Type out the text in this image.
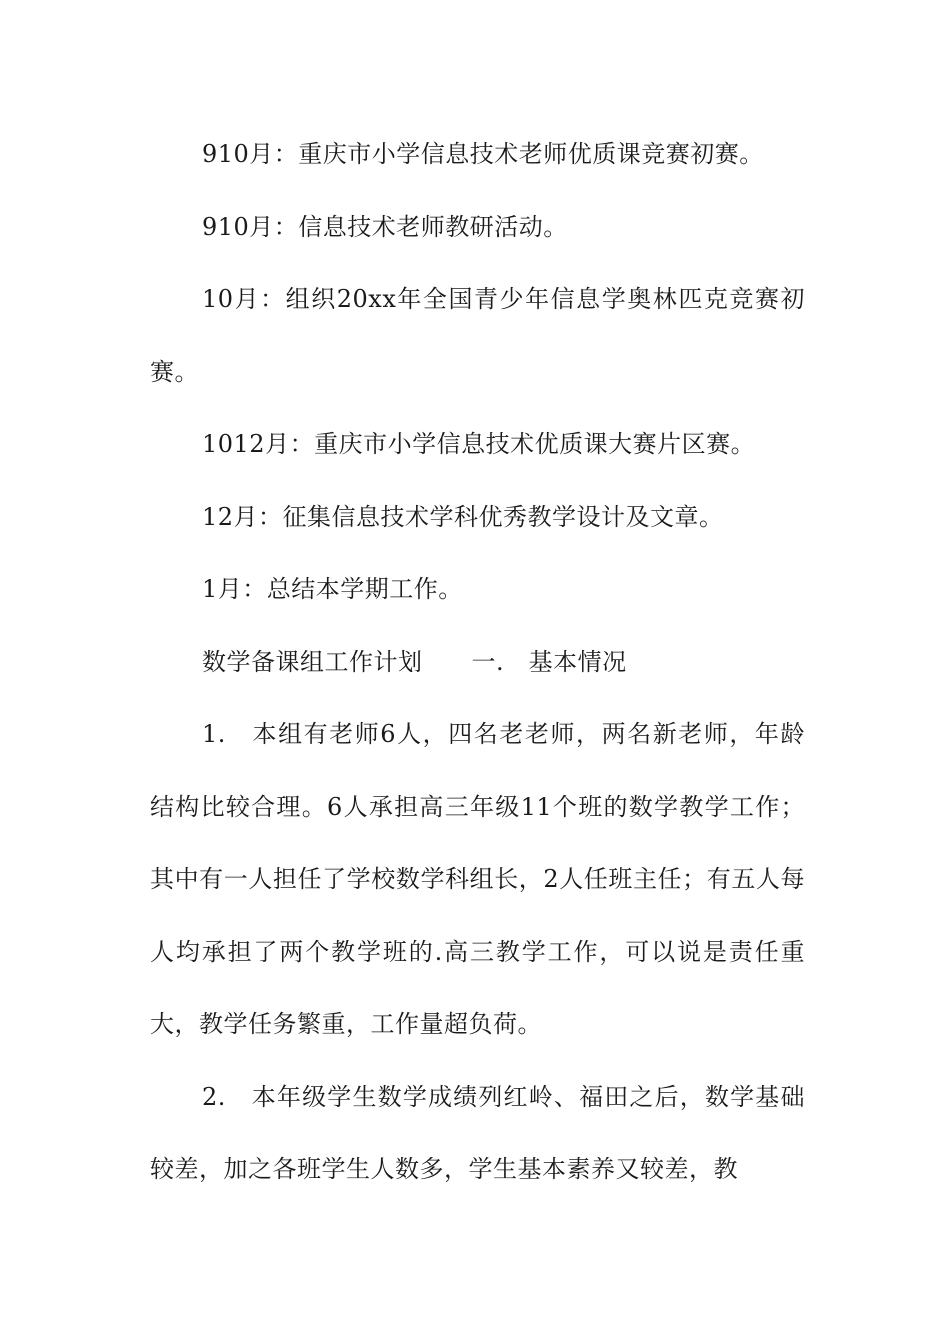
910月：重庆市小学信息技术老师优质课竞赛初赛。

910月：信息技术老师教研活动。

10月：组织20xx年全国青少年信息学奥林匹克竞赛初赛。

1012月：重庆市小学信息技术优质课大赛片区赛。

12月：征集信息技术学科优秀教学设计及文章。

1月：总结本学期工作。

数学备课组工作计划　　一.　基本情况

1.　本组有老师6人，四名老老师，两名新老师，年龄结构比较合理。6人承担高三年级11个班的数学教学工作；其中有一人担任了学校数学科组长，2人任班主任；有五人每人均承担了两个教学班的.高三教学工作，可以说是责任重大，教学任务繁重，工作量超负荷。

2.　本年级学生数学成绩列红岭、福田之后，数学基础较差，加之各班学生人数多，学生基本素养又较差，教
